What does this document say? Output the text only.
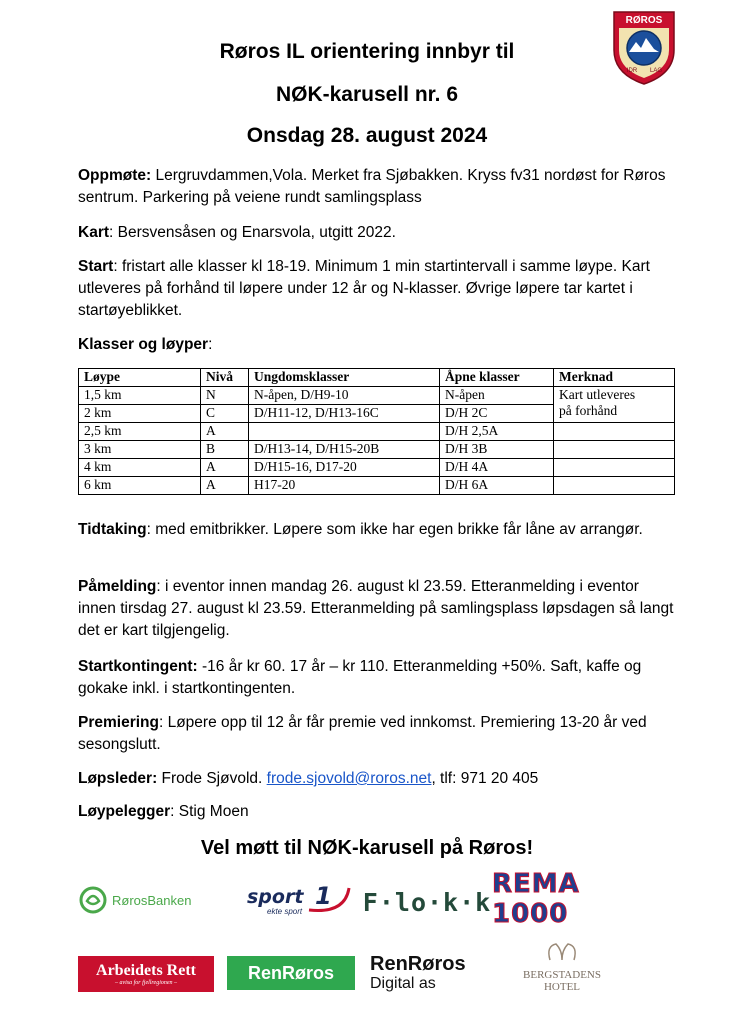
RØROS
IDR LAG
Røros IL orientering innbyr til
NØK-karusell nr. 6
Onsdag 28. august 2024
Oppmøte: Lergruvdammen,Vola. Merket fra Sjøbakken. Kryss fv31 nordøst for Røros sentrum. Parkering på veiene rundt samlingsplass
Kart: Bersvensåsen og Enarsvola, utgitt 2022.
Start: fristart alle klasser kl 18-19. Minimum 1 min startintervall i samme løype. Kart utleveres på forhånd til løpere under 12 år og N-klasser. Øvrige løpere tar kartet i startøyeblikket.
Klasser og løyper:
Løype	Nivå	Ungdomsklasser	Åpne klasser	Merknad
1,5 km	N	N-åpen, D/H9-10	N-åpen	Kart utleveres
på forhånd
2 km	C	D/H11-12, D/H13-16C	D/H 2C	
2,5 km	A		D/H 2,5A	
3 km	B	D/H13-14, D/H15-20B	D/H 3B	
4 km	A	D/H15-16, D17-20	D/H 4A	
6 km	A	H17-20	D/H 6A	
Tidtaking: med emitbrikker. Løpere som ikke har egen brikke får låne av arrangør.
Påmelding: i eventor innen mandag 26. august kl 23.59. Etteranmelding i eventor innen tirsdag 27. august kl 23.59. Etteranmelding på samlingsplass løpsdagen så langt det er kart tilgjengelig.
Startkontingent: -16 år kr 60. 17 år – kr 110. Etteranmelding +50%. Saft, kaffe og gokake inkl. i startkontingenten.
Premiering: Løpere opp til 12 år får premie ved innkomst. Premiering 13-20 år ved sesongslutt.
Løpsleder: Frode Sjøvold. frode.sjovold@roros.net, tlf: 971 20 405
Løypelegger: Stig Moen
Vel møtt til NØK-karusell på Røros!
RørosBanken	sport 1
ekte sport F·lo·k·k
REMA 1000
Arbeidets Rett
– avisa for fjellregionen –
RenRøros RenRøros
Digital as	BERGSTADENS
HOTEL
